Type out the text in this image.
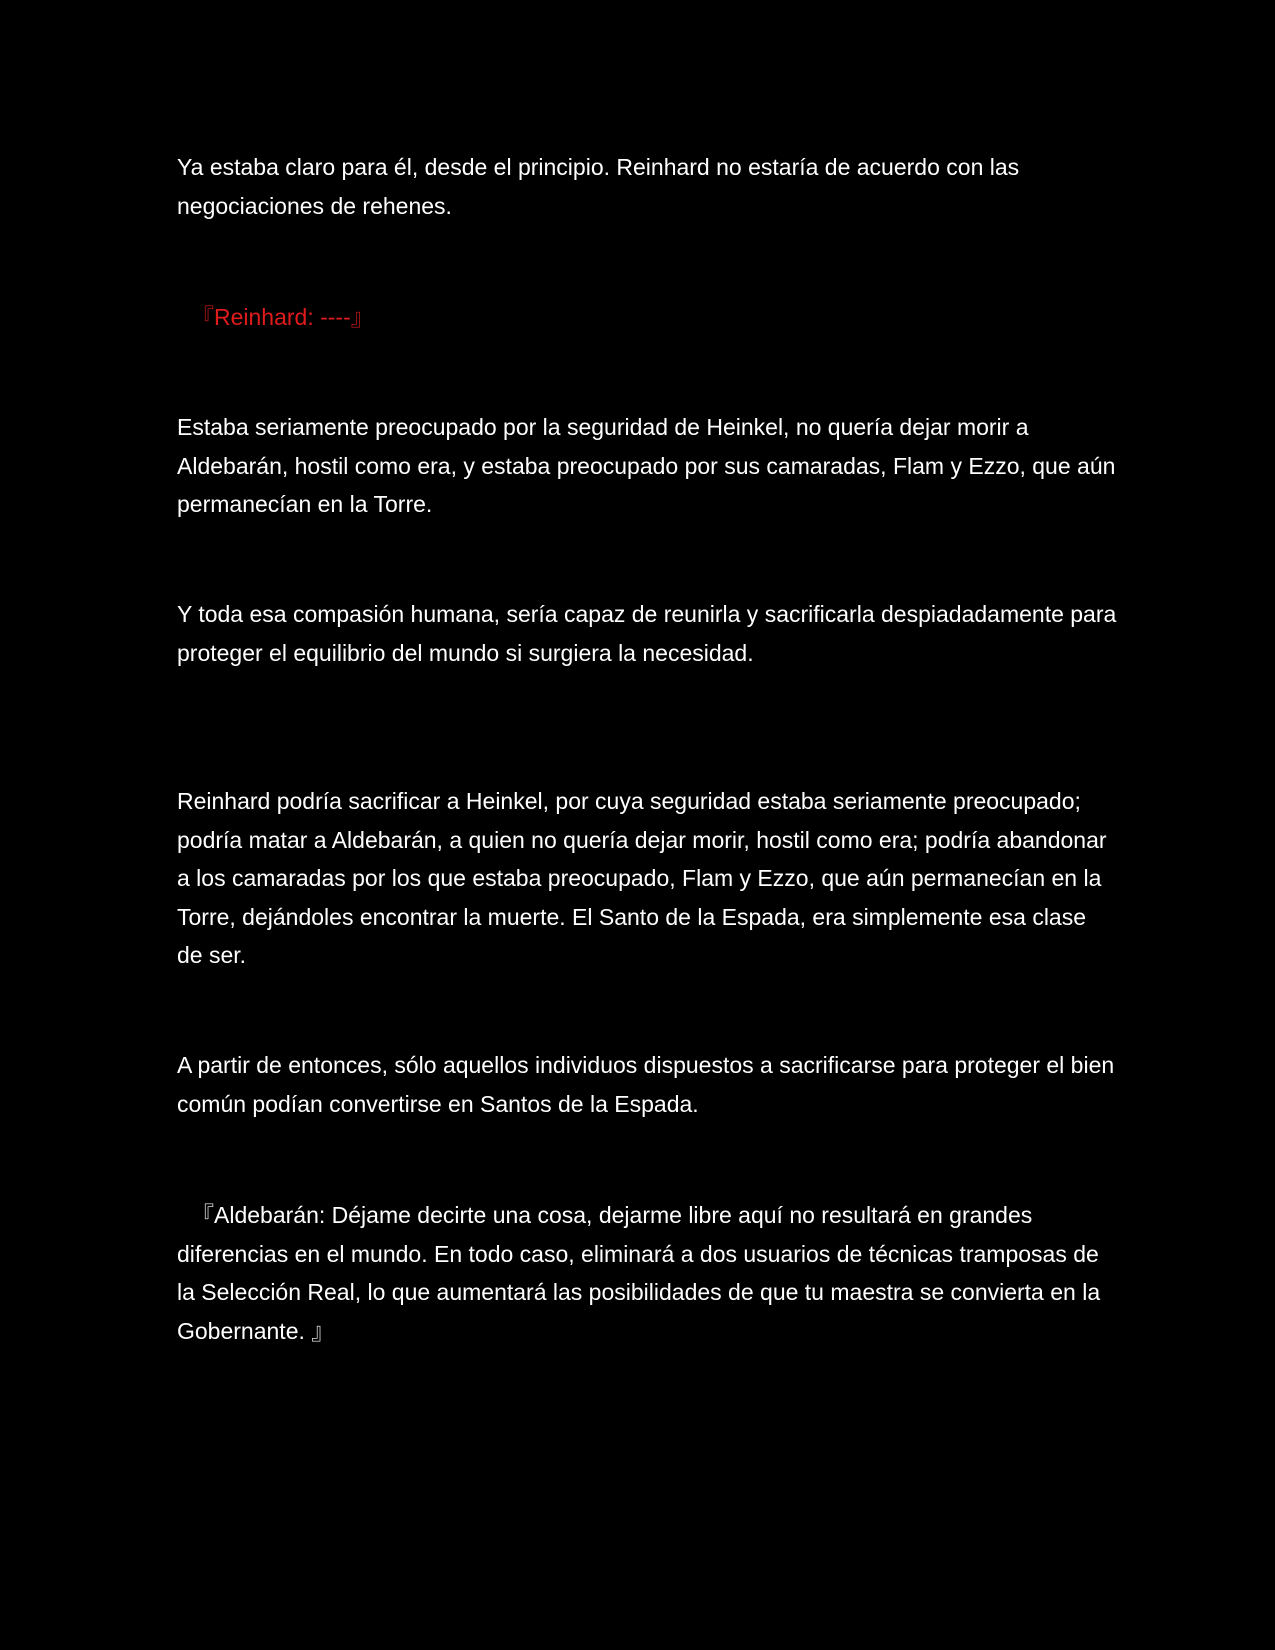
Ya estaba claro para él, desde el principio. Reinhard no estaría de acuerdo con las negociaciones de rehenes.

『Reinhard: ----』

Estaba seriamente preocupado por la seguridad de Heinkel, no quería dejar morir a Aldebarán, hostil como era, y estaba preocupado por sus camaradas, Flam y Ezzo, que aún permanecían en la Torre.

Y toda esa compasión humana, sería capaz de reunirla y sacrificarla despiadadamente para proteger el equilibrio del mundo si surgiera la necesidad.

Reinhard podría sacrificar a Heinkel, por cuya seguridad estaba seriamente preocupado; podría matar a Aldebarán, a quien no quería dejar morir, hostil como era; podría abandonar a los camaradas por los que estaba preocupado, Flam y Ezzo, que aún permanecían en la Torre, dejándoles encontrar la muerte. El Santo de la Espada, era simplemente esa clase de ser.

A partir de entonces, sólo aquellos individuos dispuestos a sacrificarse para proteger el bien común podían convertirse en Santos de la Espada.

『Aldebarán: Déjame decirte una cosa, dejarme libre aquí no resultará en grandes diferencias en el mundo. En todo caso, eliminará a dos usuarios de técnicas tramposas de la Selección Real, lo que aumentará las posibilidades de que tu maestra se convierta en la Gobernante. 』
